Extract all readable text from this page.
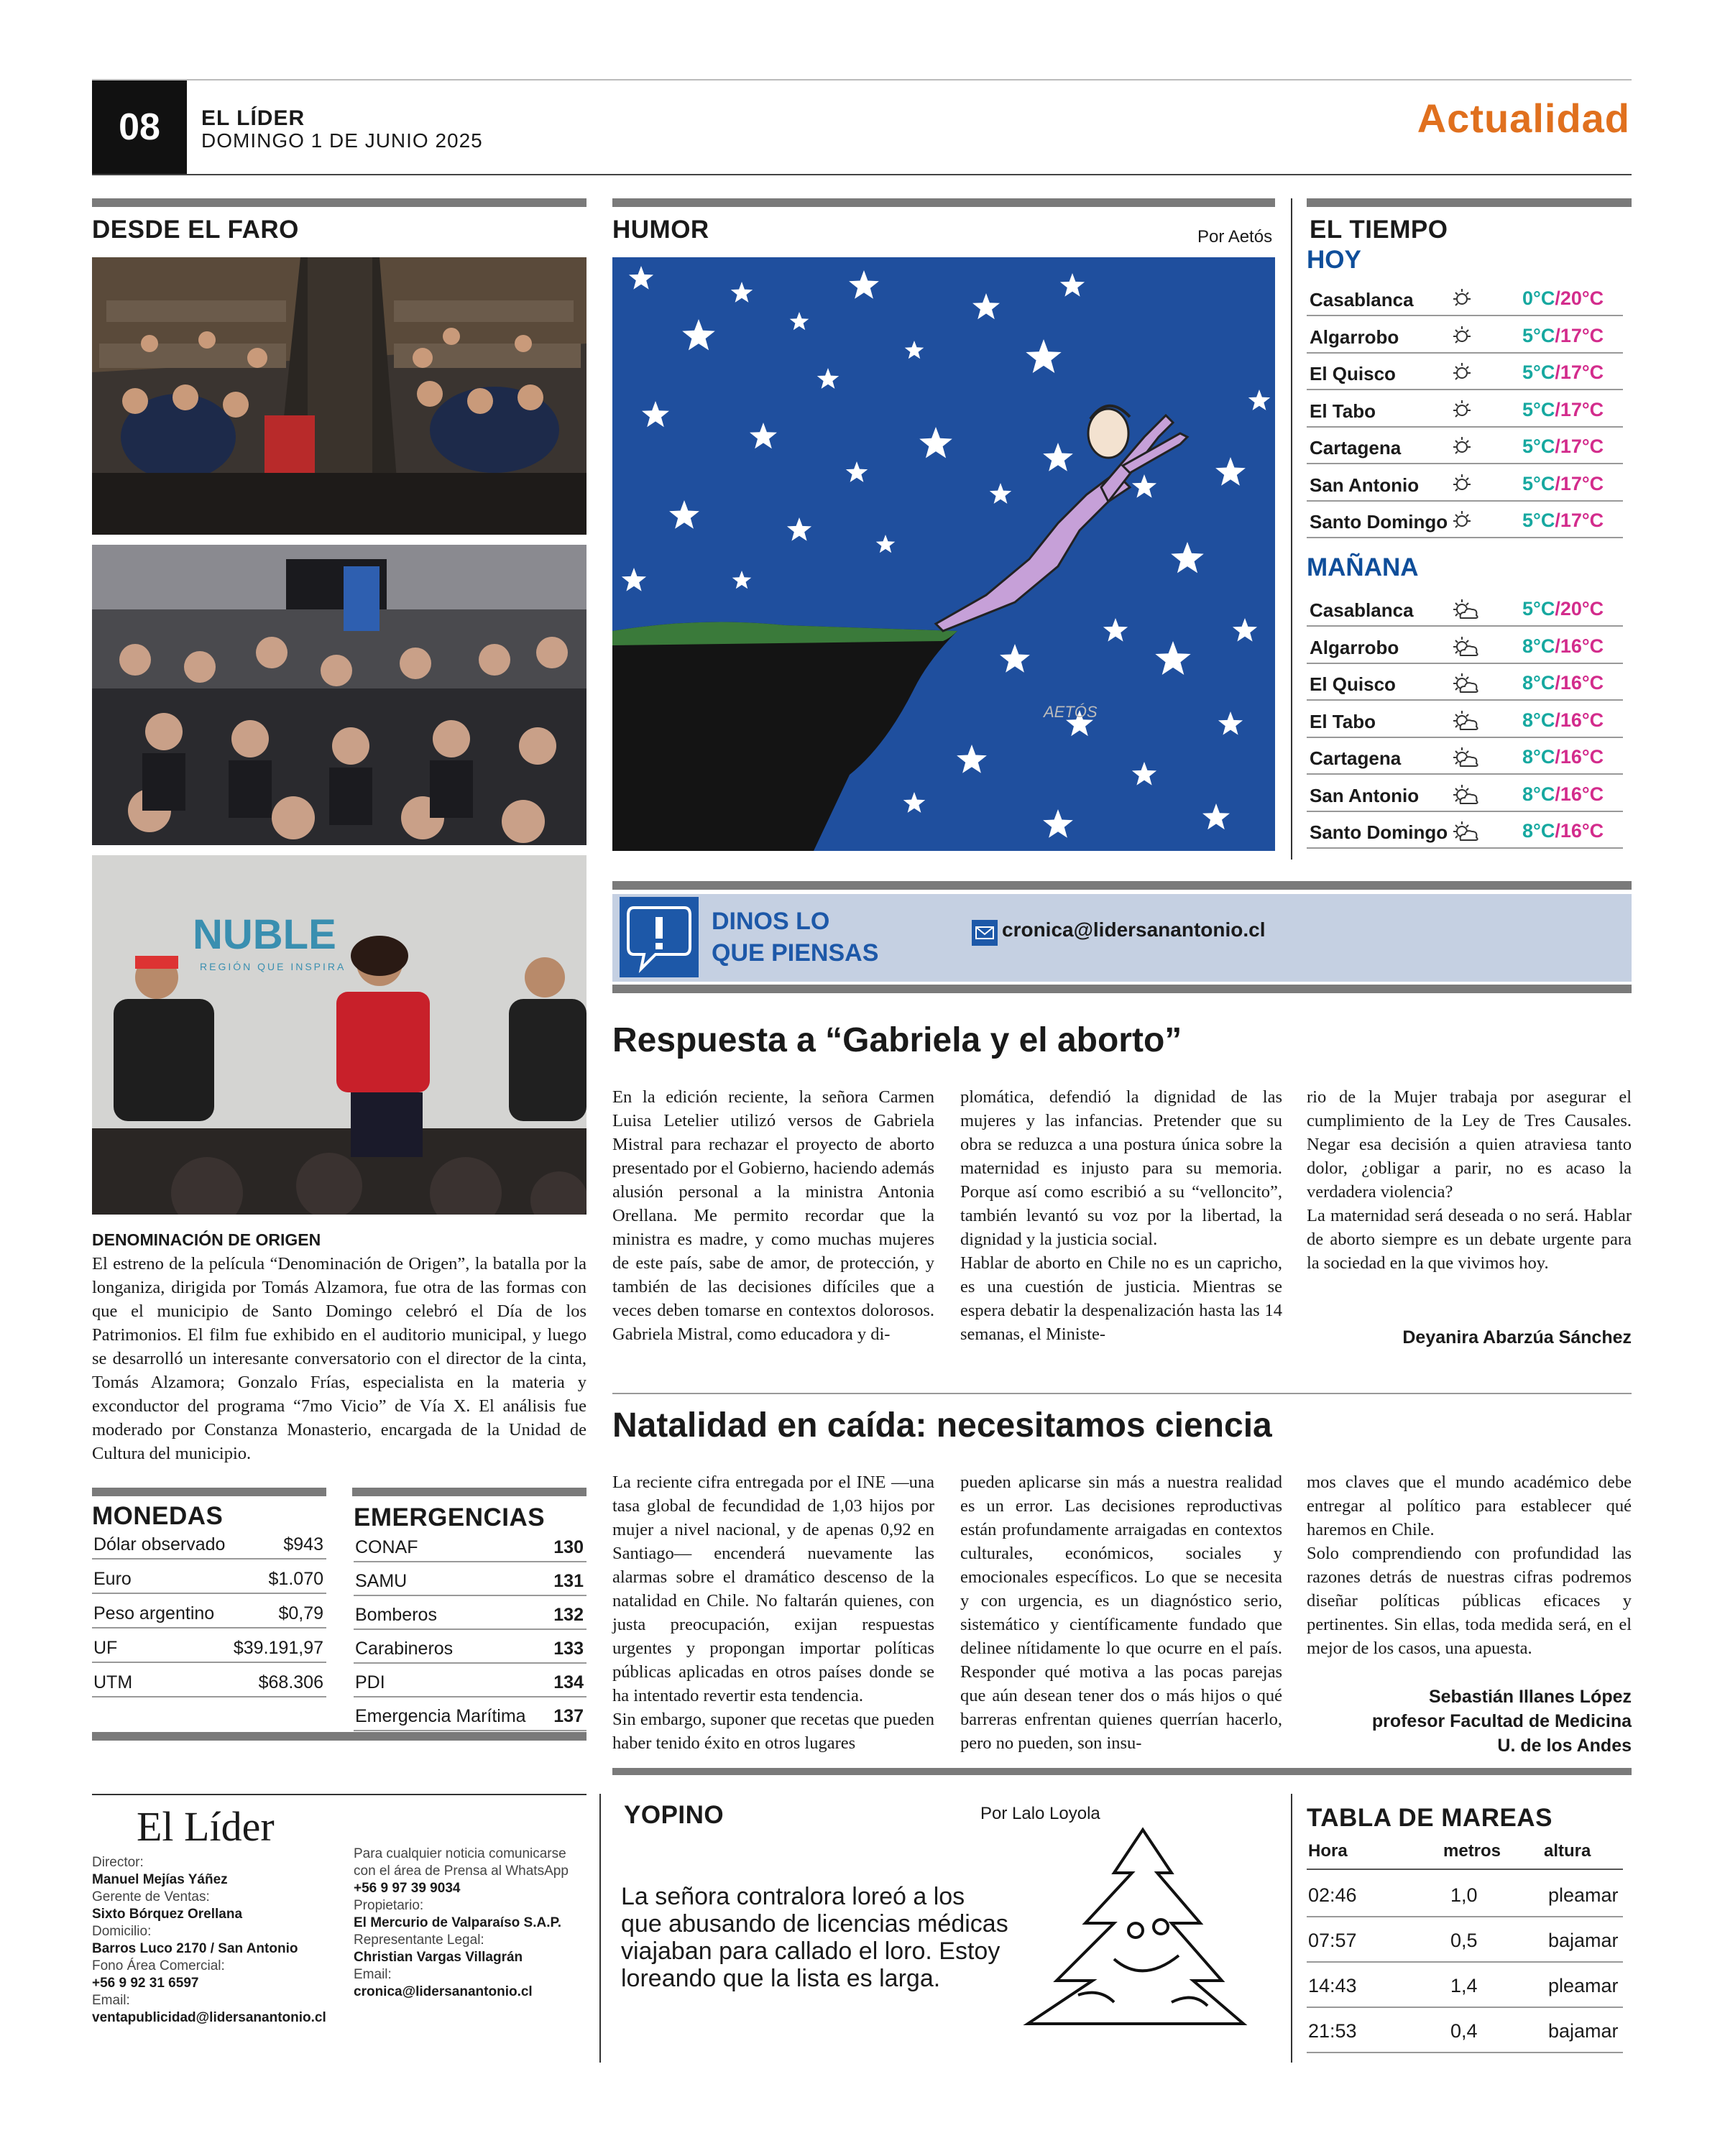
08	EL LÍDER
DOMINGO 1 DE JUNIO 2025	Actualidad
DESDE EL FARO
NUBLE
REGIÓN QUE INSPIRA
DENOMINACIÓN DE ORIGEN
El estreno de la película “Denominación de Origen”, la batalla por la longaniza, dirigida por Tomás Alzamora, fue otra de las formas con que el municipio de Santo Domingo celebró el Día de los Patrimonios. El film fue exhibido en el auditorio municipal, y luego se desarrolló un interesante conversatorio con el director de la cinta, Tomás Alzamora; Gonzalo Frías, especialista en la materia y exconductor del programa “7mo Vicio” de Vía X. El análisis fue moderado por Constanza Monasterio, encargada de la Unidad de Cultura del municipio.
MONEDAS
Dólar observado	$943
Euro	$1.070
Peso argentino	$0,79
UF	$39.191,97
UTM	$68.306
EMERGENCIAS
CONAF	130
SAMU	131
Bomberos	132
Carabineros	133
PDI	134
Emergencia Marítima 137
El Líder
Director:
Manuel Mejías Yáñez
Gerente de Ventas:
Sixto Bórquez Orellana
Domicilio:
Barros Luco 2170 / San Antonio
Fono Área Comercial:
+56 9 92 31 6597
Email:
ventapublicidad@lidersanantonio.cl
Para cualquier noticia comunicarse con el área de Prensa al WhatsApp
+56 9 97 39 9034
Propietario:
El Mercurio de Valparaíso S.A.P.
Representante Legal:
Christian Vargas Villagrán
Email:
cronica@lidersanantonio.cl
HUMOR	Por Aetós
AETÓS
EL TIEMPO
HOY
Casablanca	0°C/20°C
Algarrobo	5°C/17°C
El Quisco	5°C/17°C
El Tabo	5°C/17°C
Cartagena	5°C/17°C
San Antonio	5°C/17°C
Santo Domingo	5°C/17°C
MAÑANA
Casablanca	5°C/20°C
Algarrobo	8°C/16°C
El Quisco	8°C/16°C
El Tabo	8°C/16°C
Cartagena	8°C/16°C
San Antonio	8°C/16°C
Santo Domingo	8°C/16°C
DINOS LO
QUE PIENSAS
cronica@lidersanantonio.cl
Respuesta a “Gabriela y el aborto”

En la edición reciente, la señora Carmen Luisa Letelier utilizó versos de Gabriela Mistral para rechazar el proyecto de aborto presentado por el Gobierno, haciendo además alusión personal a la ministra Antonia Orellana. Me permito recordar que la ministra es madre, y como muchas mujeres de este país, sabe de amor, de protección, y también de las decisiones difíciles que a veces deben tomarse en contextos dolorosos. Gabriela Mistral, como educadora y di-

plomática, defendió la dignidad de las mujeres y las infancias. Pretender que su obra se reduzca a una postura única sobre la maternidad es injusto para su memoria. Porque así como escribió a su “velloncito”, también levantó su voz por la libertad, la dignidad y la justicia social.

Hablar de aborto en Chile no es un capricho, es una cuestión de justicia. Mientras se espera debatir la despenalización hasta las 14 semanas, el Ministe-

rio de la Mujer trabaja por asegurar el cumplimiento de la Ley de Tres Causales. Negar esa decisión a quien atraviesa tanto dolor, ¿obligar a parir, no es acaso la verdadera violencia?

La maternidad será deseada o no será. Hablar de aborto siempre es un debate urgente para la sociedad en la que vivimos hoy.

Deyanira Abarzúa Sánchez
Natalidad en caída: necesitamos ciencia

La reciente cifra entregada por el INE —una tasa global de fecundidad de 1,03 hijos por mujer a nivel nacional, y de apenas 0,92 en Santiago— encenderá nuevamente las alarmas sobre el dramático descenso de la natalidad en Chile. No faltarán quienes, con justa preocupación, exijan respuestas urgentes y propongan importar políticas públicas aplicadas en otros países donde se ha intentado revertir esta tendencia.

Sin embargo, suponer que recetas que pueden haber tenido éxito en otros lugares

pueden aplicarse sin más a nuestra realidad es un error. Las decisiones reproductivas están profundamente arraigadas en contextos culturales, económicos, sociales y emocionales específicos. Lo que se necesita y con urgencia, es un diagnóstico serio, sistemático y científicamente fundado que delinee nítidamente lo que ocurre en el país. Responder qué motiva a las pocas parejas que aún desean tener dos o más hijos o qué barreras enfrentan quienes querrían hacerlo, pero no pueden, son insu-

mos claves que el mundo académico debe entregar al político para establecer qué haremos en Chile.

Solo comprendiendo con profundidad las razones detrás de nuestras cifras podremos diseñar políticas públicas eficaces y pertinentes. Sin ellas, toda medida será, en el mejor de los casos, una apuesta.

Sebastián Illanes López
profesor Facultad de Medicina
U. de los Andes
YOPINO	Por Lalo Loyola
La señora contralora loreó a los que abusando de licencias médicas viajaban para callado el loro. Estoy loreando que la lista es larga.
TABLA DE MAREAS
Hora	metros altura
02:46	1,0	pleamar
07:57	0,5	bajamar
14:43	1,4	pleamar
21:53	0,4	bajamar
